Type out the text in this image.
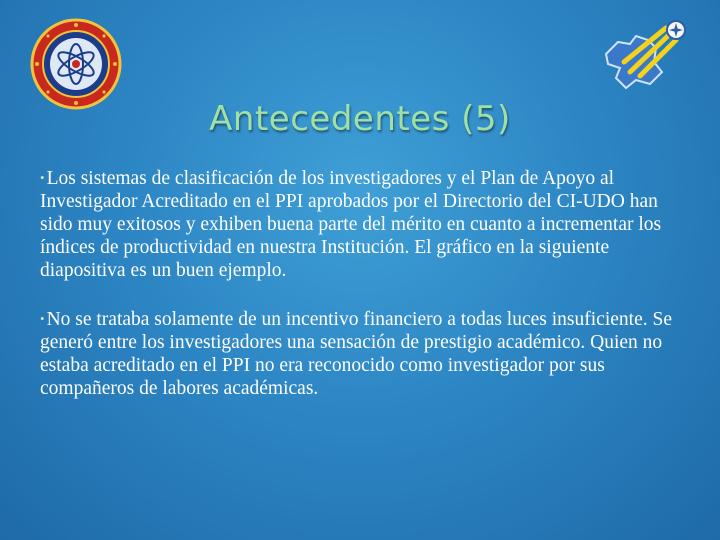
Antecedentes (5)

• Los sistemas de clasificación de los investigadores y el Plan de Apoyo al Investigador Acreditado en el PPI aprobados por el Directorio del CI-UDO han sido muy exitosos y exhiben buena parte del mérito en cuanto a incrementar los índices de productividad en nuestra Institución. El gráfico en la siguiente diapositiva es un buen ejemplo.

• No se trataba solamente de un incentivo financiero a todas luces insuficiente. Se generó entre los investigadores una sensación de prestigio académico. Quien no estaba acreditado en el PPI no era reconocido como investigador por sus compañeros de labores académicas.
